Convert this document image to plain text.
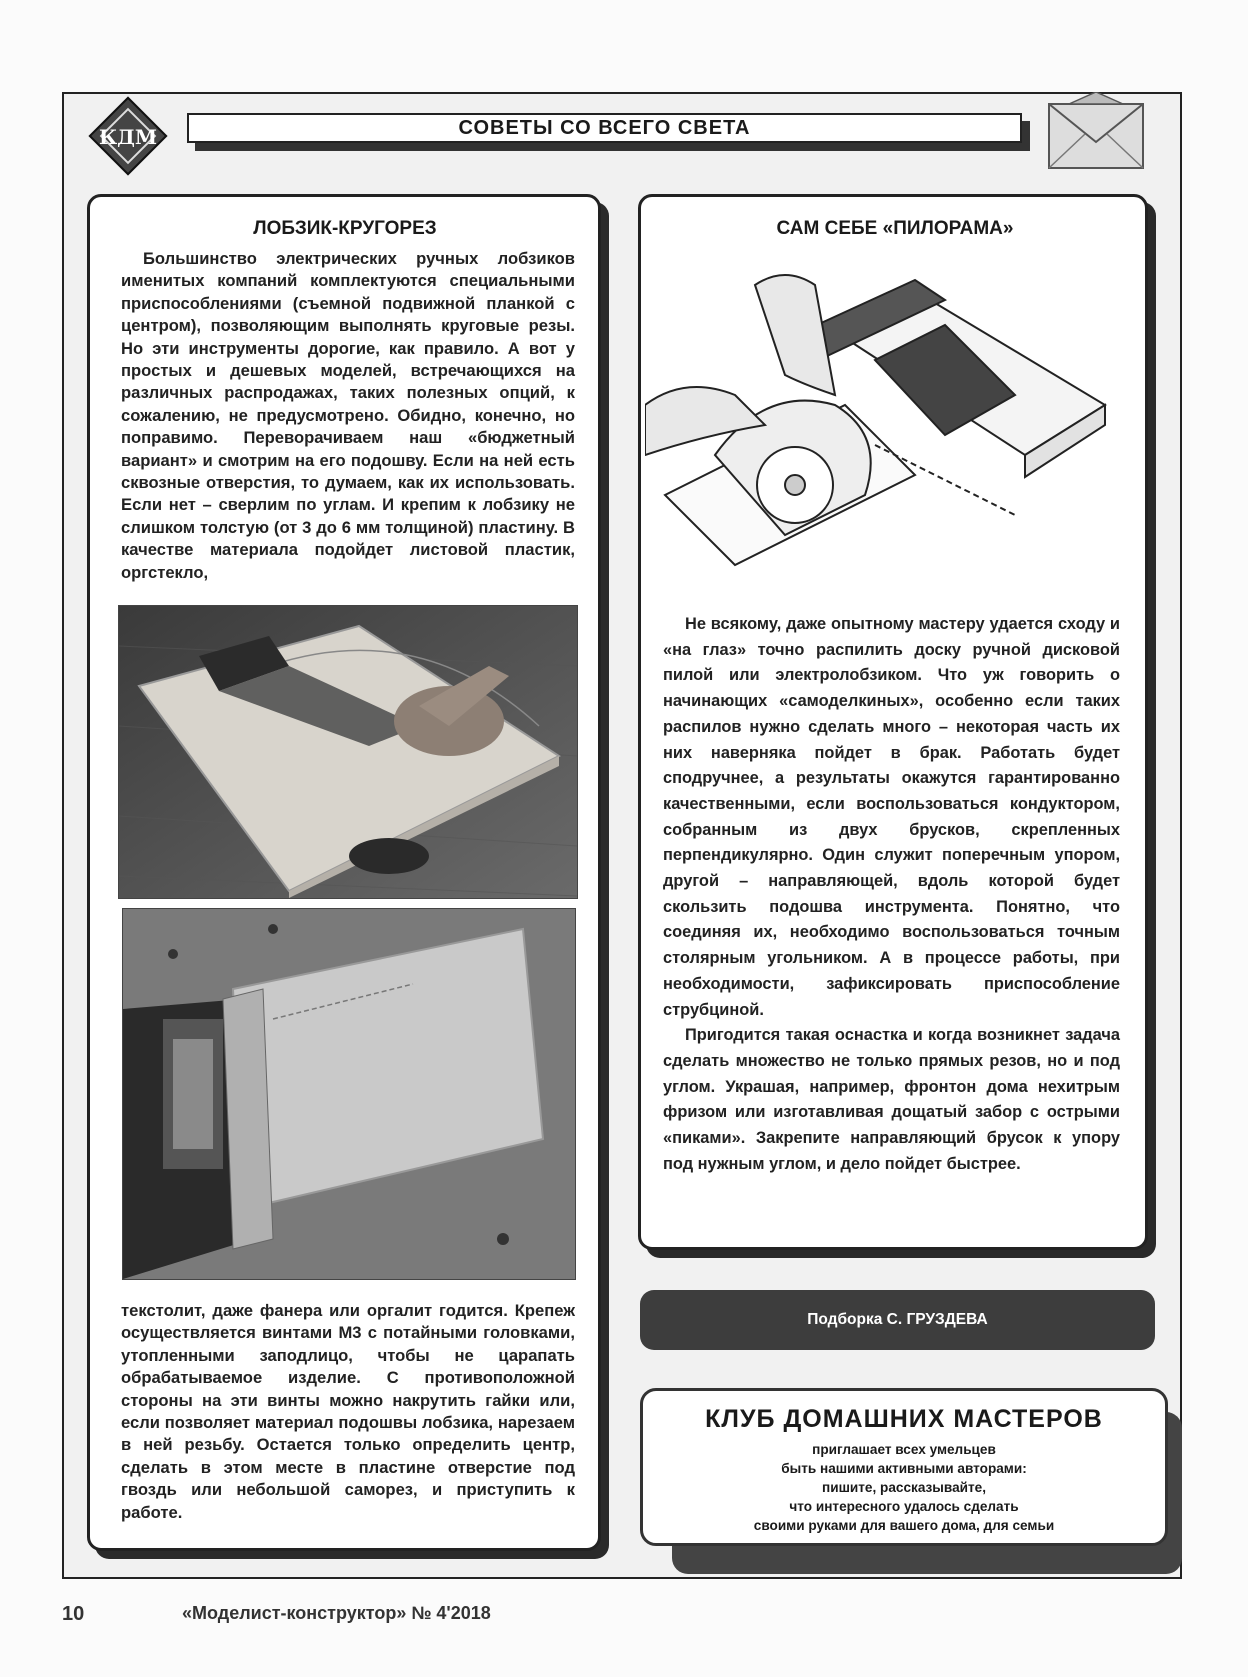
КДМ	СОВЕТЫ СО ВСЕГО СВЕТА
ЛОБЗИК-КРУГОРЕЗ

Большинство электрических ручных лобзиков именитых компаний комплектуются специальными приспособлениями (съемной подвижной планкой с центром), позволяющим выполнять круговые резы. Но эти инструменты дорогие, как правило. А вот у простых и дешевых моделей, встречающихся на различных распродажах, таких полезных опций, к сожалению, не предусмотрено. Обидно, конечно, но поправимо. Переворачиваем наш «бюджетный вариант» и смотрим на его подошву. Если на ней есть сквозные отверстия, то думаем, как их использовать. Если нет – сверлим по углам. И крепим к лобзику не слишком толстую (от 3 до 6 мм толщиной) пластину. В качестве материала подойдет листовой пластик, оргстекло,

текстолит, даже фанера или оргалит годится. Крепеж осуществляется винтами М3 с потайными головками, утопленными заподлицо, чтобы не царапать обрабатываемое изделие. С противоположной стороны на эти винты можно накрутить гайки или, если позволяет материал подошвы лобзика, нарезаем в ней резьбу. Остается только определить центр, сделать в этом месте в пластине отверстие под гвоздь или небольшой саморез, и приступить к работе.

САМ СЕБЕ «ПИЛОРАМА»

Не всякому, даже опытному мастеру удается сходу и «на глаз» точно распилить доску ручной дисковой пилой или электролобзиком. Что уж говорить о начинающих «самоделкиных», особенно если таких распилов нужно сделать много – некоторая часть их них наверняка пойдет в брак. Работать будет сподручнее, а результаты окажутся гарантированно качественными, если воспользоваться кондуктором, собранным из двух брусков, скрепленных перпендикулярно. Один служит поперечным упором, другой – направляющей, вдоль которой будет скользить подошва инструмента. Понятно, что соединяя их, необходимо воспользоваться точным столярным угольником. А в процессе работы, при необходимости, зафиксировать приспособление струбциной.

Пригодится такая оснастка и когда возникнет задача сделать множество не только прямых резов, но и под углом. Украшая, например, фронтон дома нехитрым фризом или изготавливая дощатый забор с острыми «пиками». Закрепите направляющий брусок к упору под нужным углом, и дело пойдет быстрее.

Подборка С. ГРУЗДЕВА
КЛУБ ДОМАШНИХ МАСТЕРОВ
приглашает всех умельцев
быть нашими активными авторами:
пишите, рассказывайте,
что интересного удалось сделать
своими руками для вашего дома, для семьи
10	«Моделист-конструктор» № 4'2018
